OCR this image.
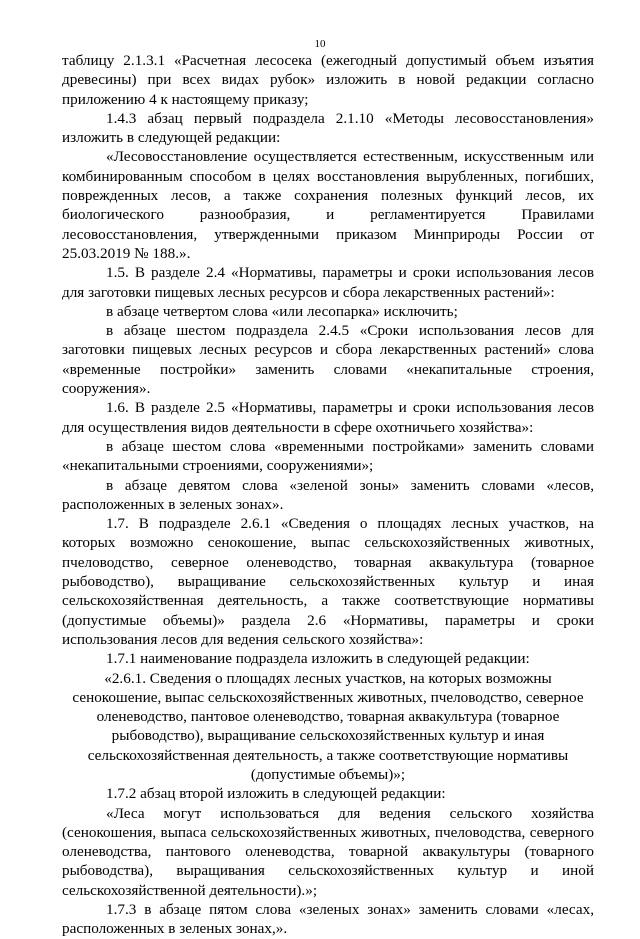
10

таблицу 2.1.3.1 «Расчетная лесосека (ежегодный допустимый объем изъятия древесины) при всех видах рубок» изложить в новой редакции согласно приложению 4 к настоящему приказу;

1.4.3 абзац первый подраздела 2.1.10 «Методы лесовосстановления» изложить в следующей редакции:

«Лесовосстановление осуществляется естественным, искусственным или комбинированным способом в целях восстановления вырубленных, погибших, поврежденных лесов, а также сохранения полезных функций лесов, их биологического разнообразия, и регламентируется Правилами лесовосстановления, утвержденными приказом Минприроды России от 25.03.2019 № 188.».

1.5. В разделе 2.4 «Нормативы, параметры и сроки использования лесов для заготовки пищевых лесных ресурсов и сбора лекарственных растений»:

в абзаце четвертом слова «или лесопарка» исключить;

в абзаце шестом подраздела 2.4.5 «Сроки использования лесов для заготовки пищевых лесных ресурсов и сбора лекарственных растений» слова «временные постройки» заменить словами «некапитальные строения, сооружения».

1.6. В разделе 2.5 «Нормативы, параметры и сроки использования лесов для осуществления видов деятельности в сфере охотничьего хозяйства»:

в абзаце шестом слова «временными постройками» заменить словами «некапитальными строениями, сооружениями»;

в абзаце девятом слова «зеленой зоны» заменить словами «лесов, расположенных в зеленых зонах».

1.7. В подразделе 2.6.1 «Сведения о площадях лесных участков, на которых возможно сенокошение, выпас сельскохозяйственных животных, пчеловодство, северное оленеводство, товарная аквакультура (товарное рыбоводство), выращивание сельскохозяйственных культур и иная сельскохозяйственная деятельность, а также соответствующие нормативы (допустимые объемы)» раздела 2.6 «Нормативы, параметры и сроки использования лесов для ведения сельского хозяйства»:

1.7.1 наименование подраздела изложить в следующей редакции:

«2.6.1. Сведения о площадях лесных участков, на которых возможны сенокошение, выпас сельскохозяйственных животных, пчеловодство, северное оленеводство, пантовое оленеводство, товарная аквакультура (товарное рыбоводство), выращивание сельскохозяйственных культур и иная сельскохозяйственная деятельность, а также соответствующие нормативы (допустимые объемы)»;

1.7.2 абзац второй изложить в следующей редакции:

«Леса могут использоваться для ведения сельского хозяйства (сенокошения, выпаса сельскохозяйственных животных, пчеловодства, северного оленеводства, пантового оленеводства, товарной аквакультуры (товарного рыбоводства), выращивания сельскохозяйственных культур и иной сельскохозяйственной деятельности).»;

1.7.3 в абзаце пятом слова «зеленых зонах» заменить словами «лесах, расположенных в зеленых зонах,».
